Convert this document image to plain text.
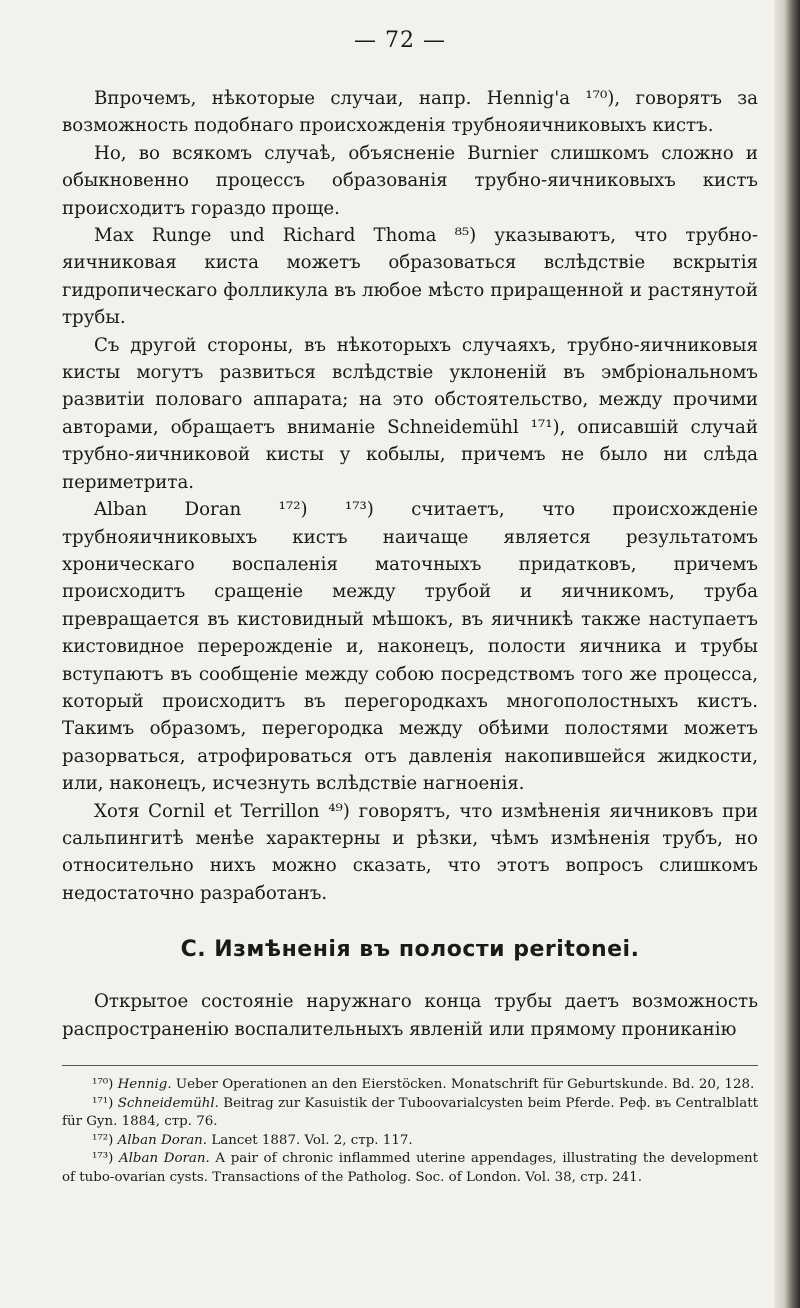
— 72 —

Впрочемъ, нѣкоторые случаи, напр. Hennig'а ¹⁷⁰), говорятъ за возможность подобнаго происхожденія трубнояичниковыхъ кистъ.

Но, во всякомъ случаѣ, объясненіе Burnier слишкомъ сложно и обыкновенно процессъ образованія трубно-яичниковыхъ кистъ происходитъ гораздо проще.

Max Runge und Richard Thoma ⁸⁵) указываютъ, что трубно-яичниковая киста можетъ образоваться вслѣдствіе вскрытія гидропическаго фолликула въ любое мѣсто приращенной и растянутой трубы.

Съ другой стороны, въ нѣкоторыхъ случаяхъ, трубно-яичниковыя кисты могутъ развиться вслѣдствіе уклоненій въ эмбріональномъ развитіи половаго аппарата; на это обстоятельство, между прочими авторами, обращаетъ вниманіе Schneidemühl ¹⁷¹), описавшій случай трубно-яичниковой кисты у кобылы, причемъ не было ни слѣда периметрита.

Alban Doran ¹⁷²) ¹⁷³) считаетъ, что происхожденіе трубнояичниковыхъ кистъ наичаще является результатомъ хроническаго воспаленія маточныхъ придатковъ, причемъ происходитъ сращеніе между трубой и яичникомъ, труба превращается въ кистовидный мѣшокъ, въ яичникѣ также наступаетъ кистовидное перерожденіе и, наконецъ, полости яичника и трубы вступаютъ въ сообщеніе между собою посредствомъ того же процесса, который происходитъ въ перегородкахъ многополостныхъ кистъ. Такимъ образомъ, перегородка между обѣими полостями можетъ разорваться, атрофироваться отъ давленія накопившейся жидкости, или, наконецъ, исчезнуть вслѣдствіе нагноенія.

Хотя Cornil et Terrillon ⁴⁹) говорятъ, что измѣненія яичниковъ при сальпингитѣ менѣе характерны и рѣзки, чѣмъ измѣненія трубъ, но относительно нихъ можно сказать, что этотъ вопросъ слишкомъ недостаточно разработанъ.

C. Измѣненія въ полости peritonei.

Открытое состояніе наружнаго конца трубы даетъ возможность распространенію воспалительныхъ явленій или прямому прониканію

¹⁷⁰) Hennig. Ueber Operationen an den Eierstöcken. Monatschrift für Geburtskunde. Bd. 20, 128.

¹⁷¹) Schneidemühl. Beitrag zur Kasuistik der Tuboovarialcysten beim Pferde. Реф. въ Centralblatt für Gyn. 1884, стр. 76.

¹⁷²) Alban Doran. Lancet 1887. Vol. 2, стр. 117.

¹⁷³) Alban Doran. A pair of chronic inflammed uterine appendages, illustrating the development of tubo-ovarian cysts. Transactions of the Patholog. Soc. of London. Vol. 38, стр. 241.
